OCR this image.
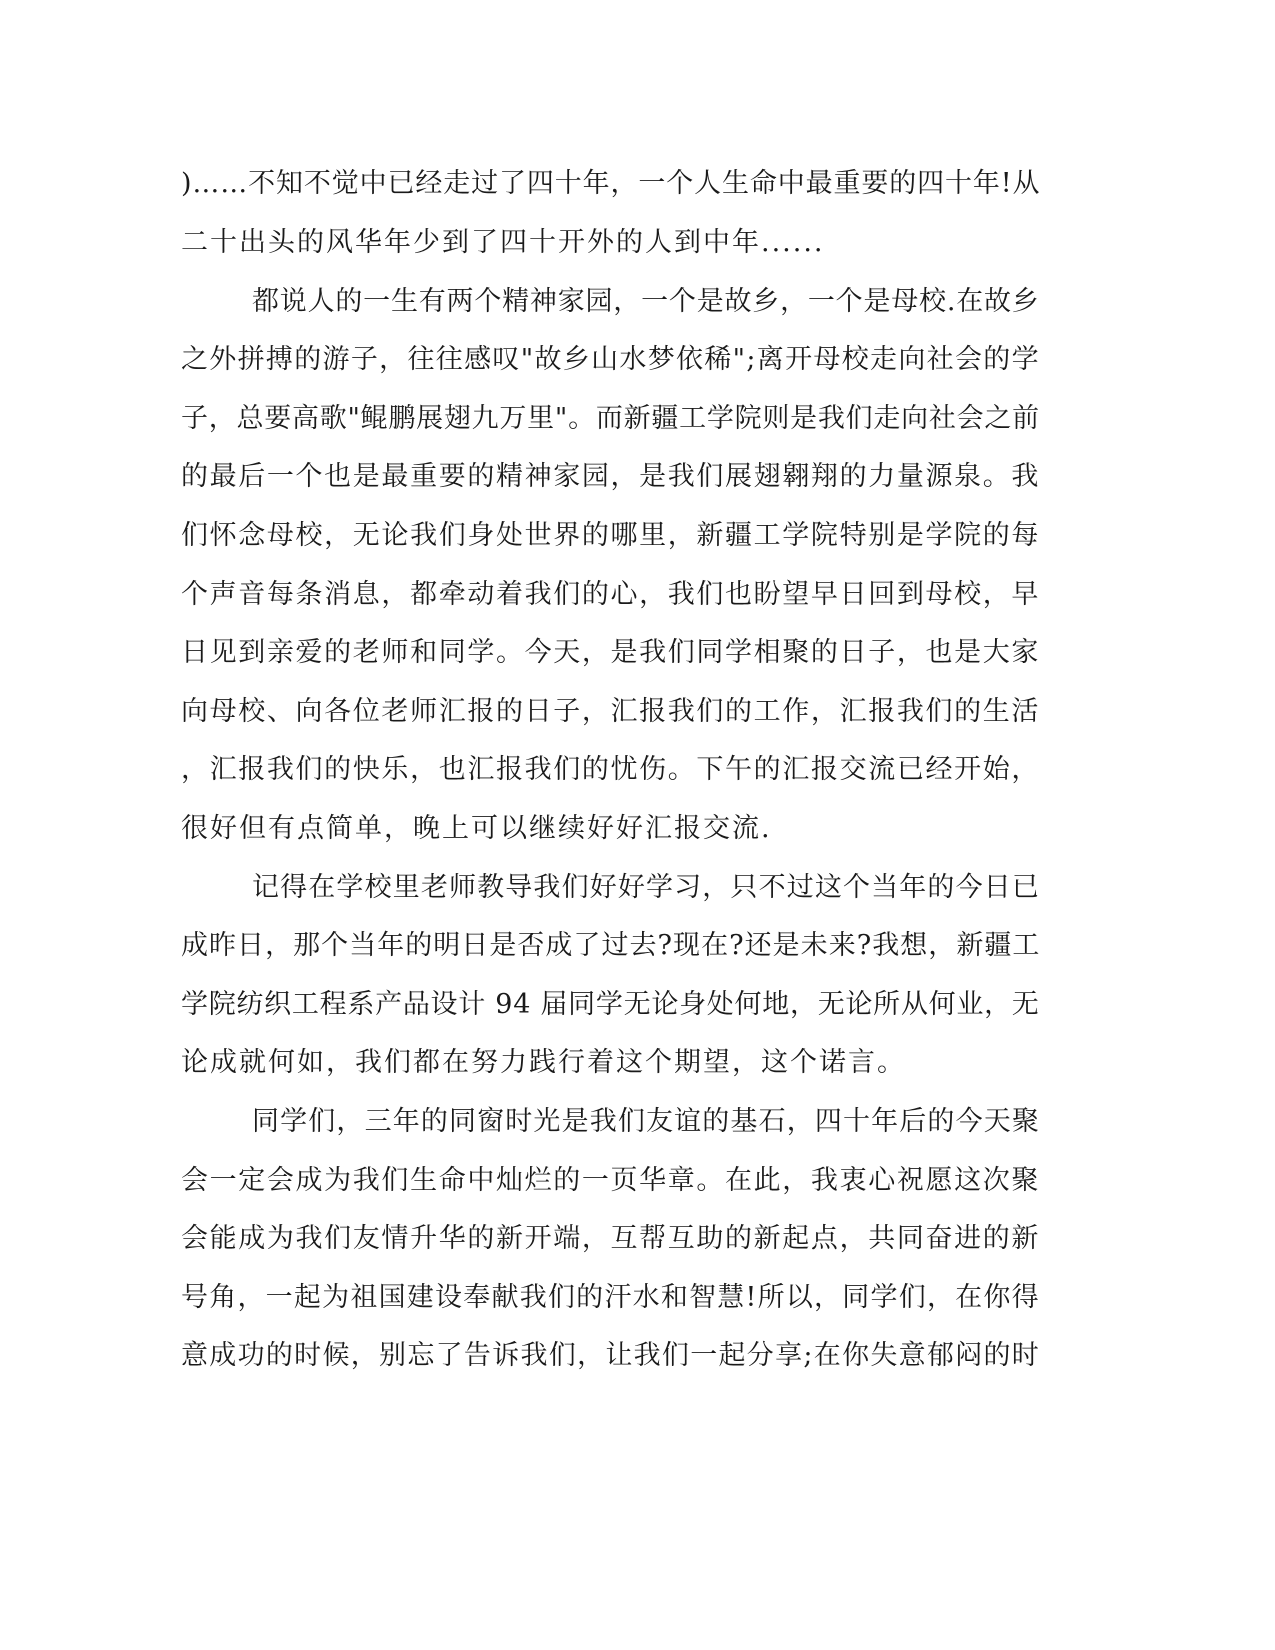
)……不知不觉中已经走过了四十年，一个人生命中最重要的四十年!从
二十出头的风华年少到了四十开外的人到中年......
都说人的一生有两个精神家园，一个是故乡，一个是母校.在故乡
之外拼搏的游子，往往感叹"故乡山水梦依稀";离开母校走向社会的学
子，总要高歌"鲲鹏展翅九万里"。而新疆工学院则是我们走向社会之前
的最后一个也是最重要的精神家园，是我们展翅翱翔的力量源泉。我
们怀念母校，无论我们身处世界的哪里，新疆工学院特别是学院的每
个声音每条消息，都牵动着我们的心，我们也盼望早日回到母校，早
日见到亲爱的老师和同学。今天，是我们同学相聚的日子，也是大家
向母校、向各位老师汇报的日子，汇报我们的工作，汇报我们的生活
，汇报我们的快乐，也汇报我们的忧伤。下午的汇报交流已经开始，
很好但有点简单，晚上可以继续好好汇报交流.
记得在学校里老师教导我们好好学习，只不过这个当年的今日已
成昨日，那个当年的明日是否成了过去?现在?还是未来?我想，新疆工
学院纺织工程系产品设计 94 届同学无论身处何地，无论所从何业，无
论成就何如，我们都在努力践行着这个期望，这个诺言。
同学们，三年的同窗时光是我们友谊的基石，四十年后的今天聚
会一定会成为我们生命中灿烂的一页华章。在此，我衷心祝愿这次聚
会能成为我们友情升华的新开端，互帮互助的新起点，共同奋进的新
号角，一起为祖国建设奉献我们的汗水和智慧!所以，同学们，在你得
意成功的时候，别忘了告诉我们，让我们一起分享;在你失意郁闷的时
